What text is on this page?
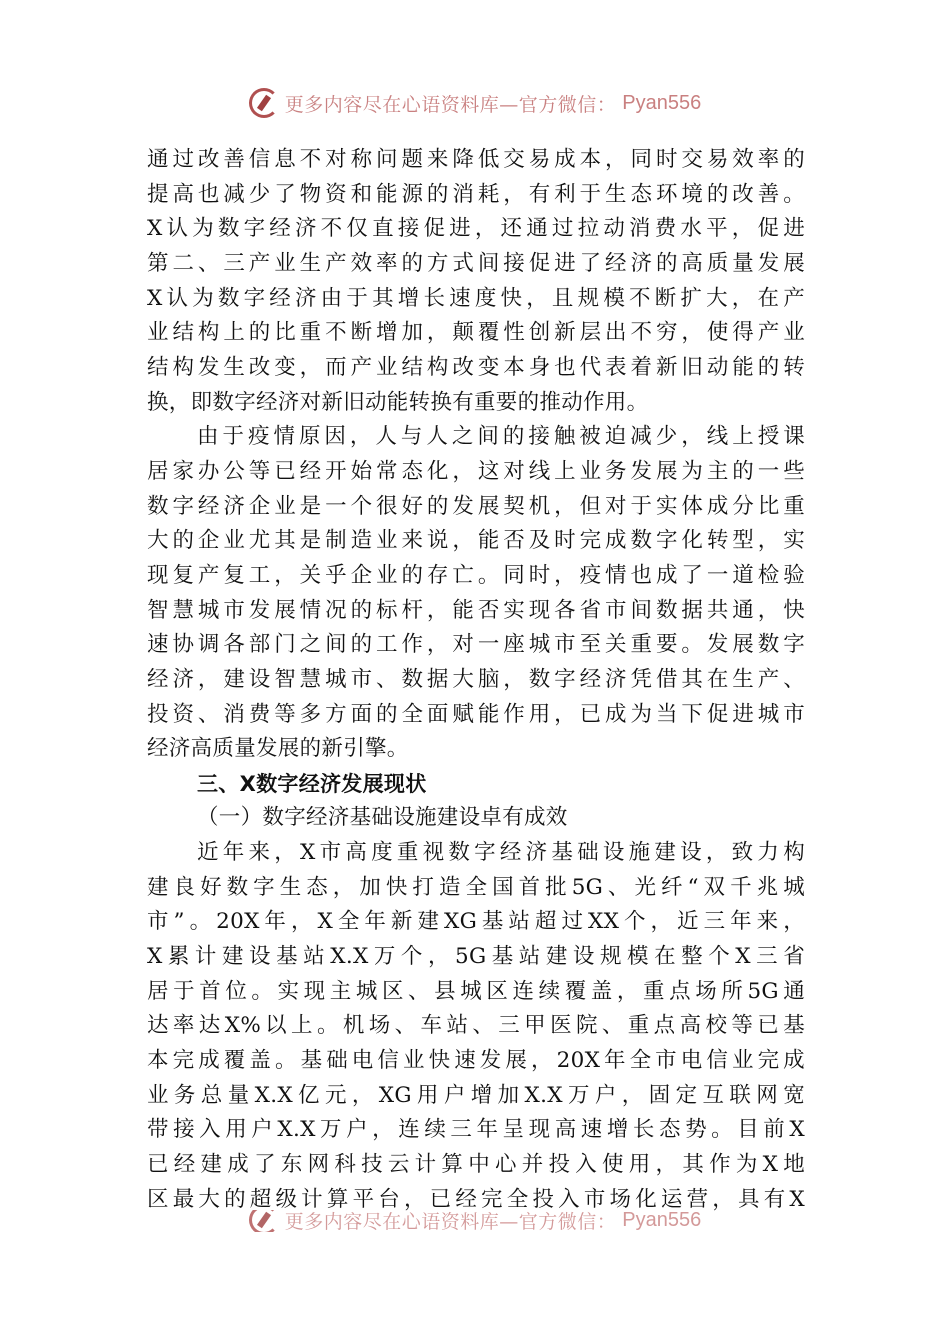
更多内容尽在心语资料库—官方微信： Pyan556
通过改善信息不对称问题来降低交易成本，同时交易效率的
提高也减少了物资和能源的消耗，有利于生态环境的改善。
X认为数字经济不仅直接促进，还通过拉动消费水平，促进
第二、三产业生产效率的方式间接促进了经济的高质量发展
X认为数字经济由于其增长速度快，且规模不断扩大，在产
业结构上的比重不断增加，颠覆性创新层出不穷，使得产业
结构发生改变，而产业结构改变本身也代表着新旧动能的转
换，即数字经济对新旧动能转换有重要的推动作用。
由于疫情原因，人与人之间的接触被迫减少，线上授课
居家办公等已经开始常态化，这对线上业务发展为主的一些
数字经济企业是一个很好的发展契机，但对于实体成分比重
大的企业尤其是制造业来说，能否及时完成数字化转型，实
现复产复工，关乎企业的存亡。同时，疫情也成了一道检验
智慧城市发展情况的标杆，能否实现各省市间数据共通，快
速协调各部门之间的工作，对一座城市至关重要。发展数字
经济，建设智慧城市、数据大脑，数字经济凭借其在生产、
投资、消费等多方面的全面赋能作用，已成为当下促进城市
经济高质量发展的新引擎。
三、X数字经济发展现状
（一）数字经济基础设施建设卓有成效
近年来，X市高度重视数字经济基础设施建设，致力构
建良好数字生态，加快打造全国首批5G、光纤“双千兆城
市”。20X年，X全年新建XG基站超过XX个，近三年来，
X累计建设基站X.X万个，5G基站建设规模在整个X三省
居于首位。实现主城区、县城区连续覆盖，重点场所5G通
达率达X%以上。机场、车站、三甲医院、重点高校等已基
本完成覆盖。基础电信业快速发展，20X年全市电信业完成
业务总量X.X亿元，XG用户增加X.X万户，固定互联网宽
带接入用户X.X万户，连续三年呈现高速增长态势。目前X
已经建成了东网科技云计算中心并投入使用，其作为X地
区最大的超级计算平台，已经完全投入市场化运营，具有X
更多内容尽在心语资料库—官方微信： Pyan556
